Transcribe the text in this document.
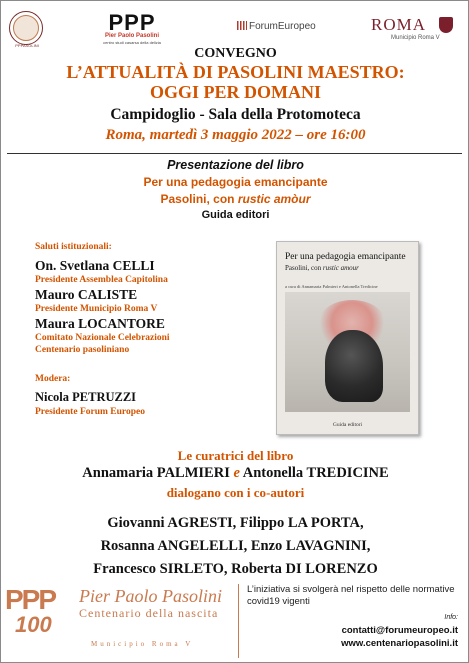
PPPASOLINI
PPP
Pier Paolo Pasolini
centro studi casarsa della delizia
ForumEuropeo	ROMA
Municipio Roma V
CONVEGNO
L’ATTUALITÀ DI PASOLINI MAESTRO:
OGGI PER DOMANI
Campidoglio - Sala della Protomoteca
Roma, martedì 3 maggio 2022 – ore 16:00
Presentazione del libro
Per una pedagogia emancipante
Pasolini, con rustic amòur
Guida editori
Saluti istituzionali:
On. Svetlana CELLI
Presidente Assemblea Capitolina
Mauro CALISTE
Presidente Municipio Roma V
Maura LOCANTORE
Comitato Nazionale Celebrazioni
Centenario pasoliniano
Modera:
Nicola PETRUZZI
Presidente Forum Europeo
Per una pedagogia emancipante
Pasolini, con rustic amour
a cura di Annamaria Palmieri e Antonella Tredicine
Guida editori
Le curatrici del libro
Annamaria PALMIERI e Antonella TREDICINE
dialogano con i co-autori
Giovanni AGRESTI, Filippo LA PORTA,
Rosanna ANGELELLI, Enzo LAVAGNINI,
Francesco SIRLETO, Roberta DI LORENZO
PPP
100
Pier Paolo Pasolini
Centenario della nascita
Municipio Roma V
L’iniziativa si svolgerà nel rispetto delle normative covid19 vigenti
Info:
contatti@forumeuropeo.it
www.centenariopasolini.it
